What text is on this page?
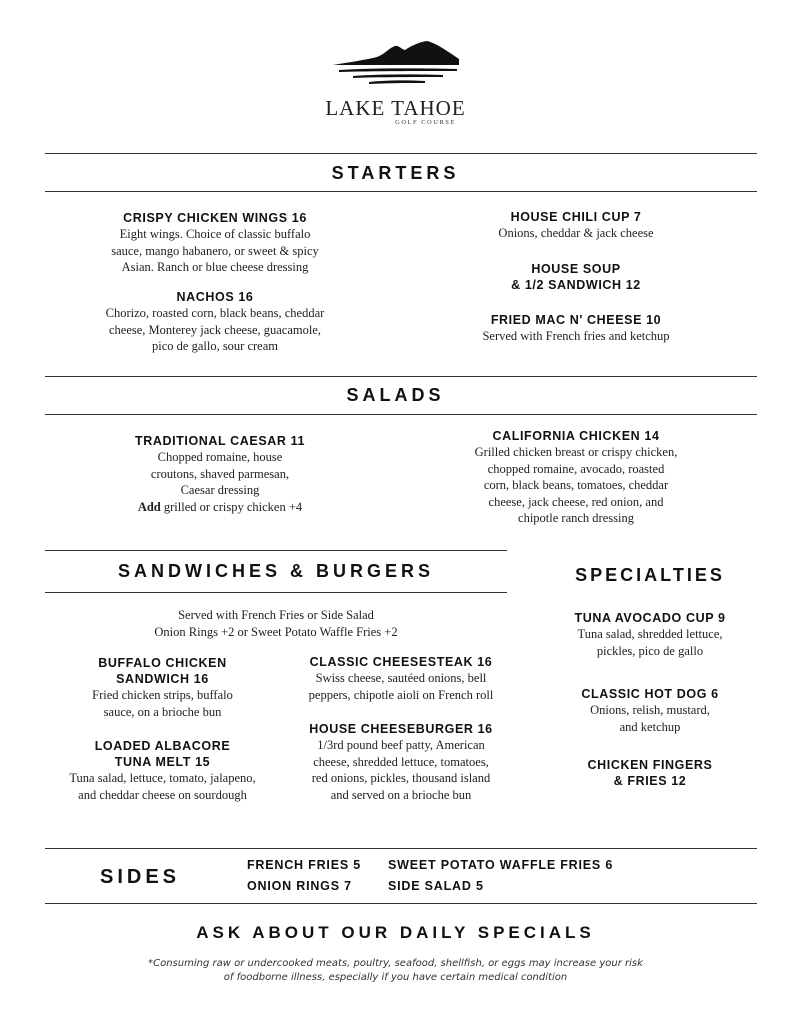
LAKE TAHOE
GOLF COURSE
STARTERS
CRISPY CHICKEN WINGS 16
Eight wings. Choice of classic buffalo
sauce, mango habanero, or sweet & spicy
Asian. Ranch or blue cheese dressing
NACHOS 16
Chorizo, roasted corn, black beans, cheddar
cheese, Monterey jack cheese, guacamole,
pico de gallo, sour cream
HOUSE CHILI CUP 7
Onions, cheddar & jack cheese
HOUSE SOUP
& 1/2 SANDWICH 12
FRIED MAC N' CHEESE 10
Served with French fries and ketchup
SALADS
TRADITIONAL CAESAR 11
Chopped romaine, house
croutons, shaved parmesan,
Caesar dressing
Add grilled or crispy chicken +4
CALIFORNIA CHICKEN 14
Grilled chicken breast or crispy chicken,
chopped romaine, avocado, roasted
corn, black beans, tomatoes, cheddar
cheese, jack cheese, red onion, and
chipotle ranch dressing
SANDWICHES & BURGERS
Served with French Fries or Side Salad
Onion Rings +2 or Sweet Potato Waffle Fries +2
BUFFALO CHICKEN
SANDWICH 16
Fried chicken strips, buffalo
sauce, on a brioche bun
LOADED ALBACORE
TUNA MELT 15
Tuna salad, lettuce, tomato, jalapeno,
and cheddar cheese on sourdough
CLASSIC CHEESESTEAK 16
Swiss cheese, sautéed onions, bell
peppers, chipotle aioli on French roll
HOUSE CHEESEBURGER 16
1/3rd pound beef patty, American
cheese, shredded lettuce, tomatoes,
red onions, pickles, thousand island
and served on a brioche bun
SPECIALTIES
TUNA AVOCADO CUP 9
Tuna salad, shredded lettuce,
pickles, pico de gallo
CLASSIC HOT DOG 6
Onions, relish, mustard,
and ketchup
CHICKEN FINGERS
& FRIES 12
SIDES
FRENCH FRIES 5 SWEET POTATO WAFFLE FRIES 6
ONION RINGS 7	SIDE SALAD 5
ASK ABOUT OUR DAILY SPECIALS
*Consuming raw or undercooked meats, poultry, seafood, shellfish, or eggs may increase your risk
of foodborne illness, especially if you have certain medical condition
